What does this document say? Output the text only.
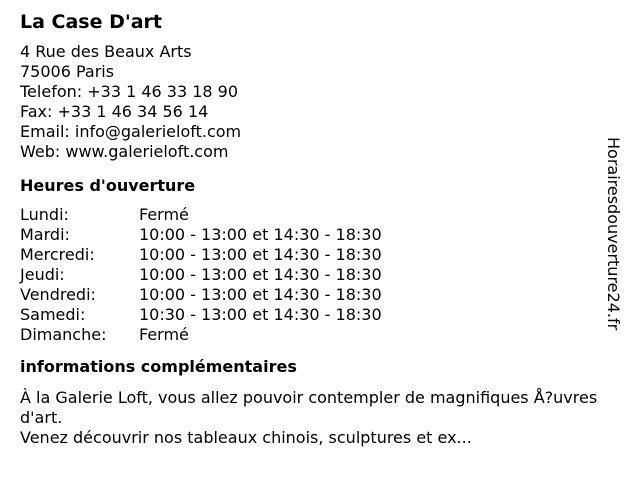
La Case D'art
4 Rue des Beaux Arts
75006 Paris
Telefon: +33 1 46 33 18 90
Fax: +33 1 46 34 56 14
Email: info@galerieloft.com
Web: www.galerieloft.com
Heures d'ouverture
Lundi:	Fermé
Mardi:	10:00 - 13:00 et 14:30 - 18:30
Mercredi:	10:00 - 13:00 et 14:30 - 18:30
Jeudi:	10:00 - 13:00 et 14:30 - 18:30
Vendredi:	10:00 - 13:00 et 14:30 - 18:30
Samedi:	10:30 - 13:00 et 14:30 - 18:30
Dimanche:	Fermé
informations complémentaires

À la Galerie Loft, vous allez pouvoir contempler de magnifiques Å?uvres d'art.

Venez découvrir nos tableaux chinois, sculptures et ex...

Horairesdouverture24.fr
